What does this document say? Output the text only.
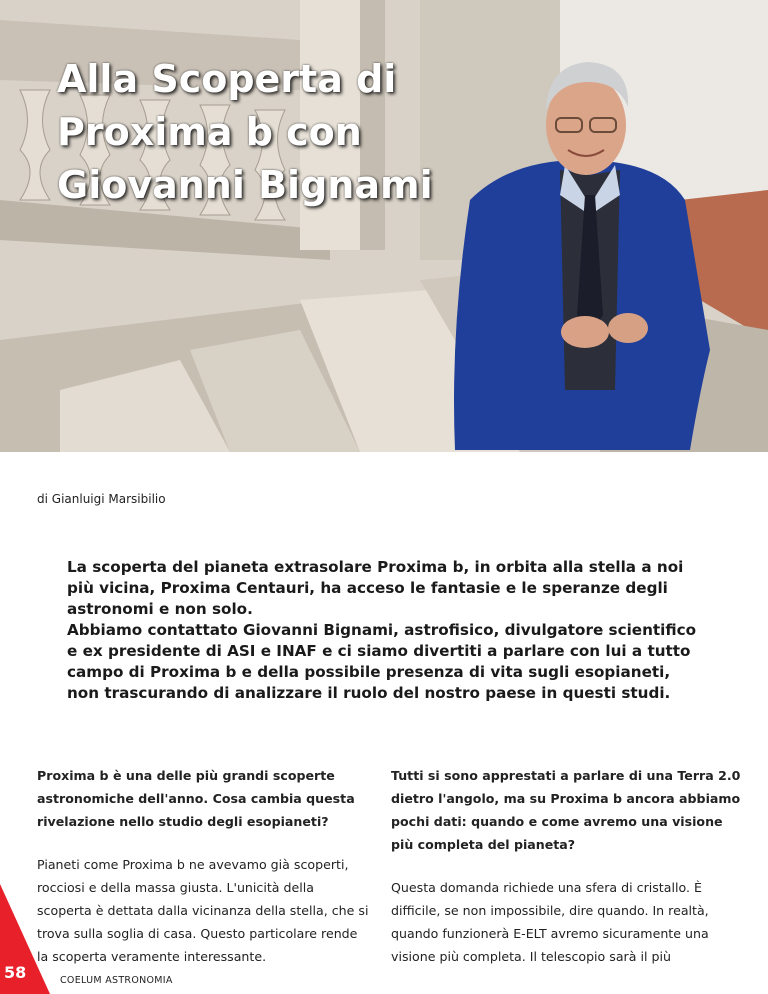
Alla Scoperta di
Proxima b con
Giovanni Bignami
di Gianluigi Marsibilio

La scoperta del pianeta extrasolare Proxima b, in orbita alla stella a noi più vicina, Proxima Centauri, ha acceso le fantasie e le speranze degli astronomi e non solo.

Abbiamo contattato Giovanni Bignami, astrofisico, divulgatore scientifico e ex presidente di ASI e INAF e ci siamo divertiti a parlare con lui a tutto campo di Proxima b e della possibile presenza di vita sugli esopianeti, non trascurando di analizzare il ruolo del nostro paese in questi studi.

Proxima b è una delle più grandi scoperte astronomiche dell'anno. Cosa cambia questa rivelazione nello studio degli esopianeti?

Pianeti come Proxima b ne avevamo già scoperti, rocciosi e della massa giusta. L'unicità della scoperta è dettata dalla vicinanza della stella, che si trova sulla soglia di casa. Questo particolare rende la scoperta veramente interessante.

Tutti si sono apprestati a parlare di una Terra 2.0 dietro l'angolo, ma su Proxima b ancora abbiamo pochi dati: quando e come avremo una visione più completa del pianeta?

Questa domanda richiede una sfera di cristallo. È difficile, se non impossibile, dire quando. In realtà, quando funzionerà E-ELT avremo sicuramente una visione più completa. Il telescopio sarà il più

58	COELUM ASTRONOMIA
